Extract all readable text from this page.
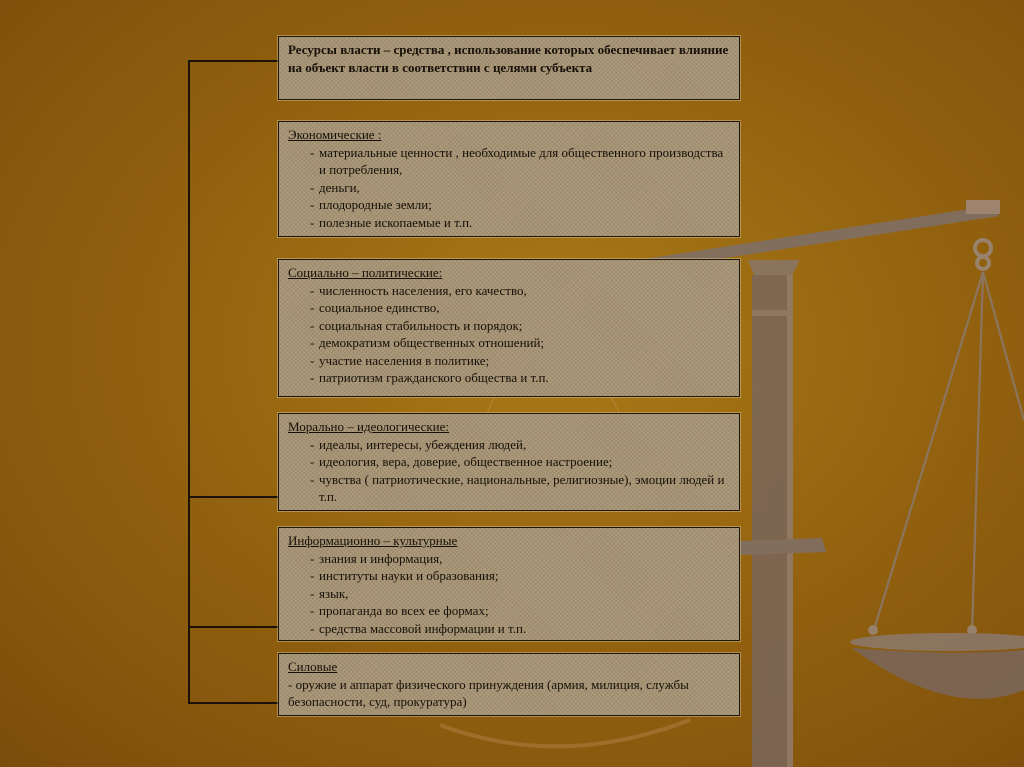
Ресурсы власти – средства , использование которых обеспечивает влияние на объект власти в соответствии с целями субъекта
Экономические :
- материальные ценности , необходимые для общественного производства и потребления,
- деньги,
- плодородные земли;
- полезные ископаемые и т.п.
Социально – политические:
- численность населения, его качество,
- социальное единство,
- социальная стабильность и порядок;
- демократизм общественных отношений;
- участие населения в политике;
- патриотизм гражданского общества и т.п.
Морально – идеологические:
- идеалы, интересы, убеждения людей,
- идеология, вера, доверие, общественное настроение;
- чувства ( патриотические, национальные, религиозные), эмоции людей и т.п.
Информационно – культурные
- знания и информация,
- институты науки и образования;
- язык,
- пропаганда во всех ее формах;
- средства массовой информации и т.п.
Силовые
- оружие и аппарат физического принуждения (армия, милиция, службы безопасности, суд, прокуратура)
